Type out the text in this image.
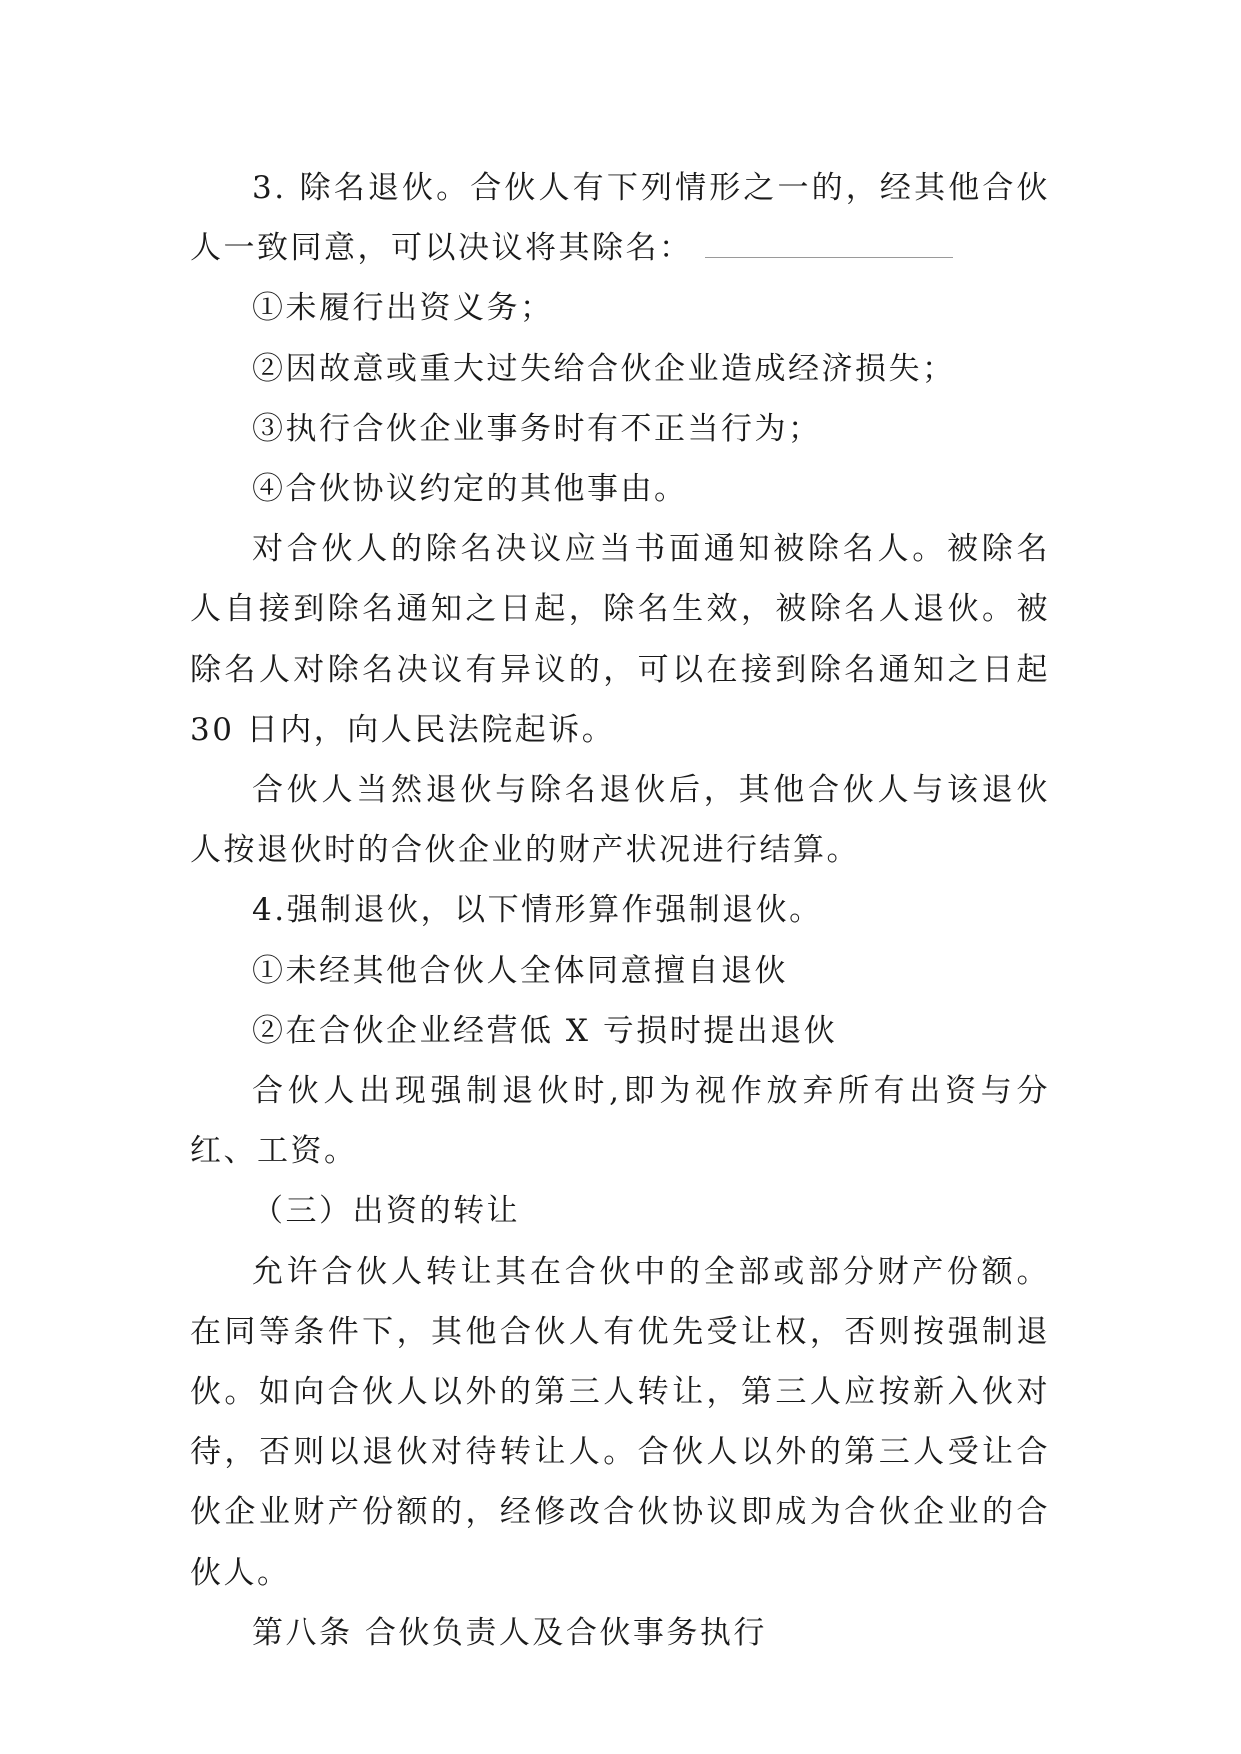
3. 除名退伙。合伙人有下列情形之一的，经其他合伙人一致同意，可以决议将其除名：

①未履行出资义务；

②因故意或重大过失给合伙企业造成经济损失；

③执行合伙企业事务时有不正当行为；

④合伙协议约定的其他事由。

对合伙人的除名决议应当书面通知被除名人。被除名人自接到除名通知之日起，除名生效，被除名人退伙。被除名人对除名决议有异议的，可以在接到除名通知之日起 30 日内，向人民法院起诉。

合伙人当然退伙与除名退伙后，其他合伙人与该退伙人按退伙时的合伙企业的财产状况进行结算。

4.强制退伙，以下情形算作强制退伙。

①未经其他合伙人全体同意擅自退伙

②在合伙企业经营低 X 亏损时提出退伙

合伙人出现强制退伙时,即为视作放弃所有出资与分红、工资。

（三）出资的转让

允许合伙人转让其在合伙中的全部或部分财产份额。在同等条件下，其他合伙人有优先受让权，否则按强制退伙。如向合伙人以外的第三人转让，第三人应按新入伙对待，否则以退伙对待转让人。合伙人以外的第三人受让合伙企业财产份额的，经修改合伙协议即成为合伙企业的合伙人。

第八条 合伙负责人及合伙事务执行
